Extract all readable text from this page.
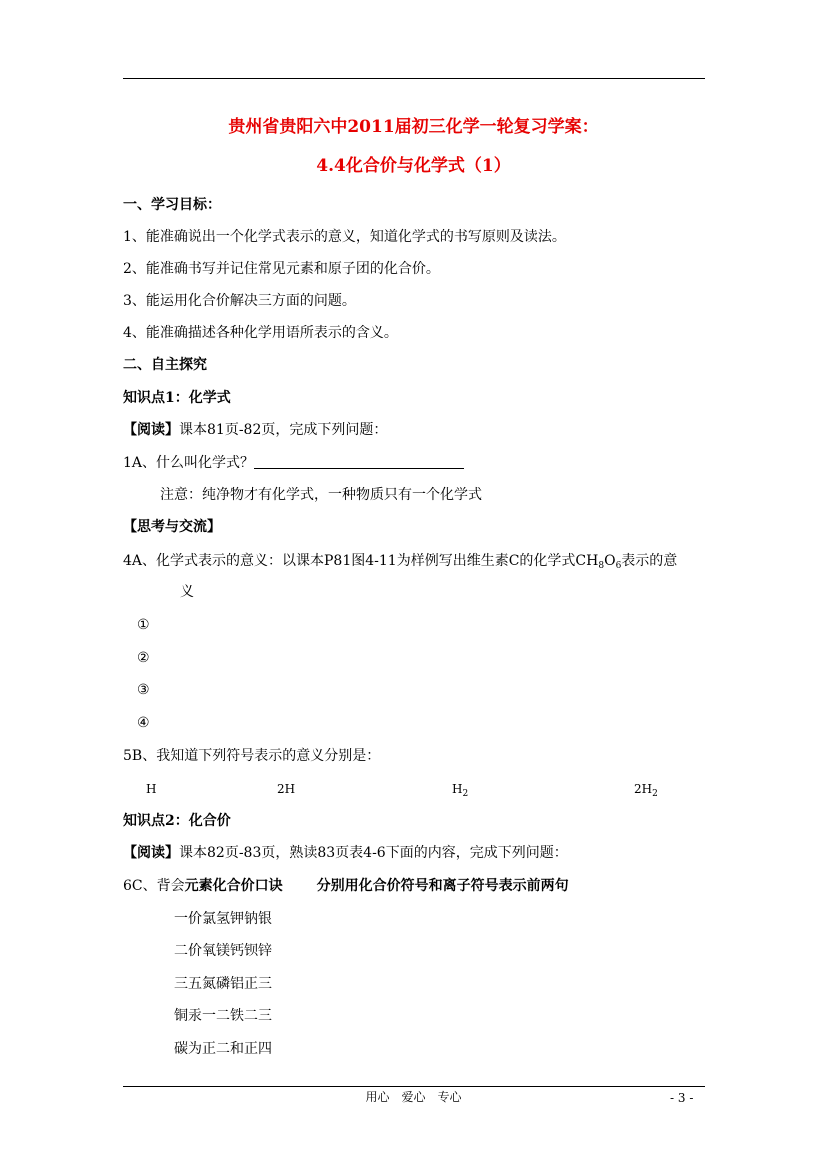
贵州省贵阳六中2011届初三化学一轮复习学案：
4.4化合价与化学式（1）
一、学习目标：
1、能准确说出一个化学式表示的意义，知道化学式的书写原则及读法。
2、能准确书写并记住常见元素和原子团的化合价。
3、能运用化合价解决三方面的问题。
4、能准确描述各种化学用语所表示的含义。
二、自主探究
知识点1：化学式
【阅读】课本81页-82页，完成下列问题：
1A、什么叫化学式？
注意：纯净物才有化学式，一种物质只有一个化学式
【思考与交流】
4A、化学式表示的意义：以课本P81图4-11为样例写出维生素C的化学式$CH_8O_6$表示的意
义
①
②
③
④
5B、我知道下列符号表示的意义分别是：
H	2H	$H_2$	$2H_2$
知识点2：化合价
【阅读】课本82页-83页，熟读83页表4-6下面的内容，完成下列问题：
6C、背会元素化合价口诀 分别用化合价符号和离子符号表示前两句
一价氯氢钾钠银
二价氧镁钙钡锌
三五氮磷铝正三
铜汞一二铁二三
碳为正二和正四
用心　爱心　专心	- 3 -
